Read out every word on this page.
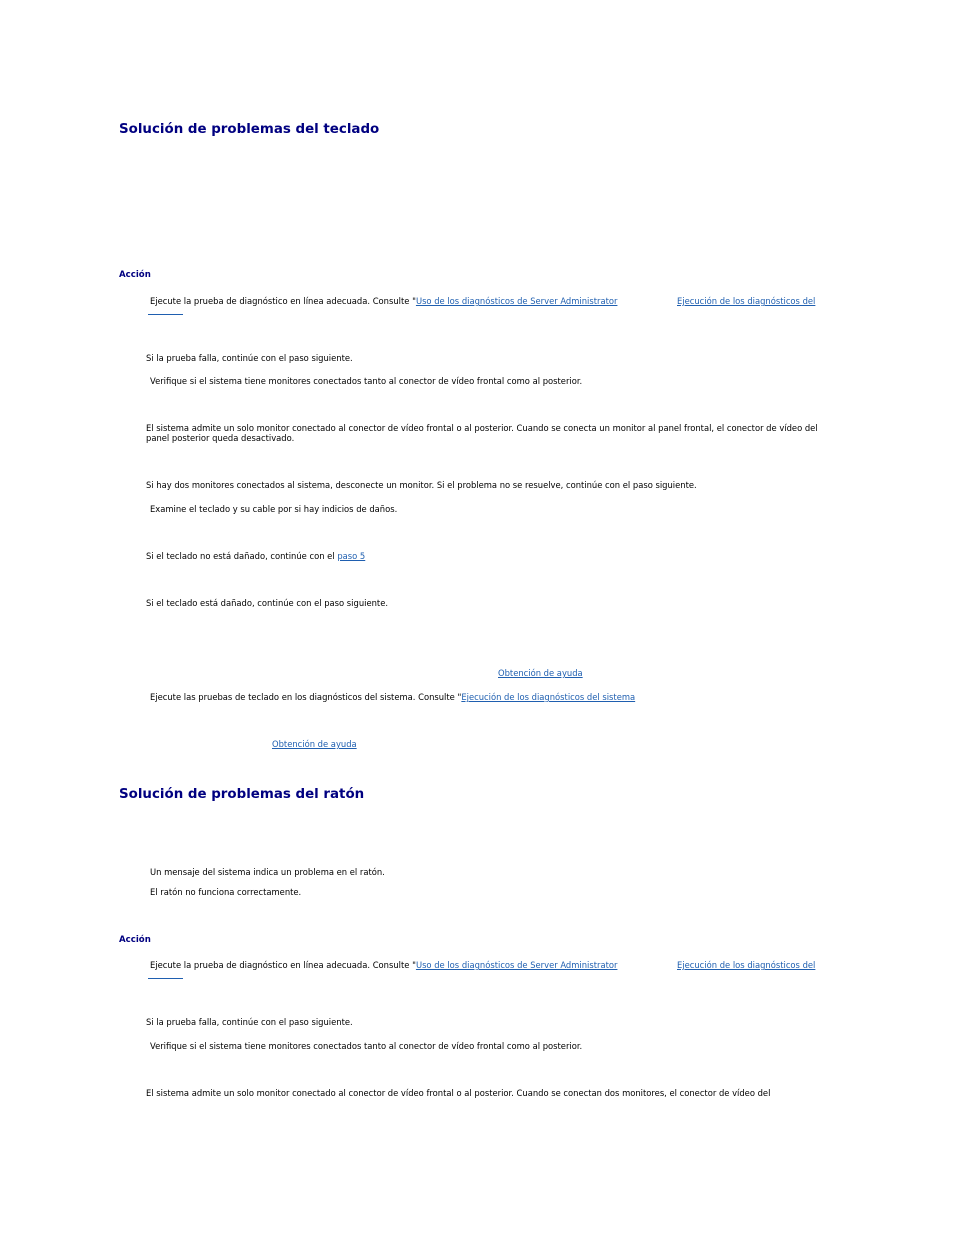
Solución de problemas del teclado
Acción

Ejecute la prueba de diagnóstico en línea adecuada. Consulte "Uso de los diagnósticos de Server Administrator	Ejecución de los diagnósticos del

Si la prueba falla, continúe con el paso siguiente.

Verifique si el sistema tiene monitores conectados tanto al conector de vídeo frontal como al posterior.

El sistema admite un solo monitor conectado al conector de vídeo frontal o al posterior. Cuando se conecta un monitor al panel frontal, el conector de vídeo del panel posterior queda desactivado.

Si hay dos monitores conectados al sistema, desconecte un monitor. Si el problema no se resuelve, continúe con el paso siguiente.

Examine el teclado y su cable por si hay indicios de daños.

Si el teclado no está dañado, continúe con el paso 5

Si el teclado está dañado, continúe con el paso siguiente.

Obtención de ayuda

Ejecute las pruebas de teclado en los diagnósticos del sistema. Consulte "Ejecución de los diagnósticos del sistema

Obtención de ayuda
Solución de problemas del ratón

Un mensaje del sistema indica un problema en el ratón.

El ratón no funciona correctamente.

Acción

Ejecute la prueba de diagnóstico en línea adecuada. Consulte "Uso de los diagnósticos de Server Administrator	Ejecución de los diagnósticos del

Si la prueba falla, continúe con el paso siguiente.

Verifique si el sistema tiene monitores conectados tanto al conector de vídeo frontal como al posterior.

El sistema admite un solo monitor conectado al conector de vídeo frontal o al posterior. Cuando se conectan dos monitores, el conector de vídeo del
